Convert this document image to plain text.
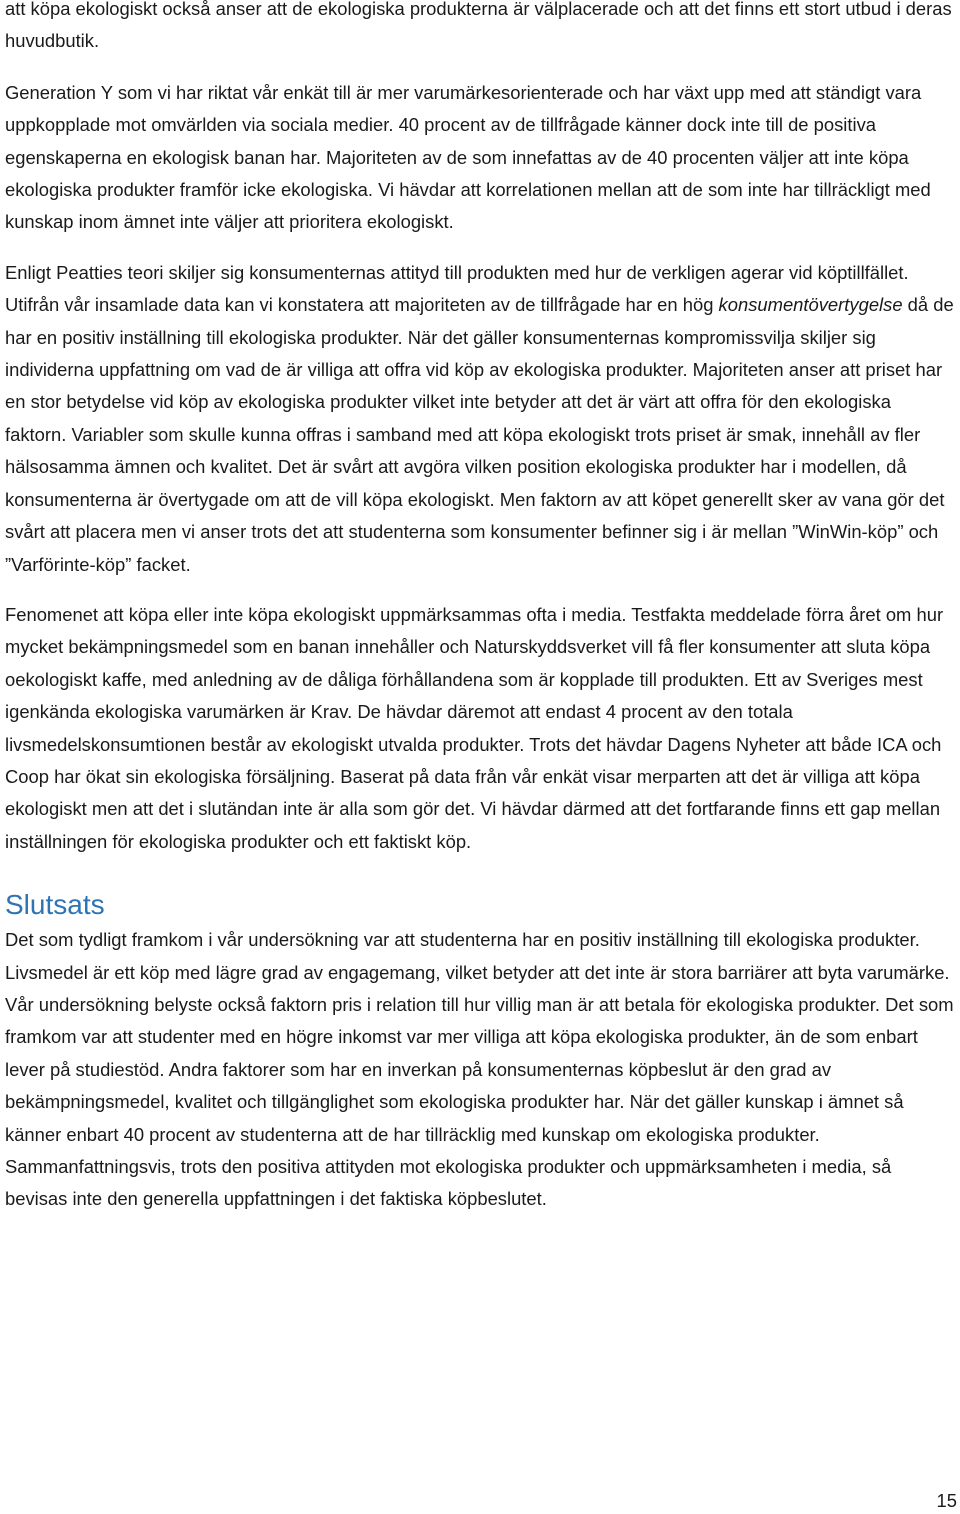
att köpa ekologiskt också anser att de ekologiska produkterna är välplacerade och att det finns ett stort utbud i deras huvudbutik.

Generation Y som vi har riktat vår enkät till är mer varumärkesorienterade och har växt upp med att ständigt vara uppkopplade mot omvärlden via sociala medier. 40 procent av de tillfrågade känner dock inte till de positiva egenskaperna en ekologisk banan har. Majoriteten av de som innefattas av de 40 procenten väljer att inte köpa ekologiska produkter framför icke ekologiska. Vi hävdar att korrelationen mellan att de som inte har tillräckligt med kunskap inom ämnet inte väljer att prioritera ekologiskt.

Enligt Peatties teori skiljer sig konsumenternas attityd till produkten med hur de verkligen agerar vid köptillfället. Utifrån vår insamlade data kan vi konstatera att majoriteten av de tillfrågade har en hög konsumentövertygelse då de har en positiv inställning till ekologiska produkter. När det gäller konsumenternas kompromissvilja skiljer sig individerna uppfattning om vad de är villiga att offra vid köp av ekologiska produkter. Majoriteten anser att priset har en stor betydelse vid köp av ekologiska produkter vilket inte betyder att det är värt att offra för den ekologiska faktorn. Variabler som skulle kunna offras i samband med att köpa ekologiskt trots priset är smak, innehåll av fler hälsosamma ämnen och kvalitet. Det är svårt att avgöra vilken position ekologiska produkter har i modellen, då konsumenterna är övertygade om att de vill köpa ekologiskt. Men faktorn av att köpet generellt sker av vana gör det svårt att placera men vi anser trots det att studenterna som konsumenter befinner sig i är mellan ”WinWin-köp” och ”Varförinte-köp” facket.

Fenomenet att köpa eller inte köpa ekologiskt uppmärksammas ofta i media. Testfakta meddelade förra året om hur mycket bekämpningsmedel som en banan innehåller och Naturskyddsverket vill få fler konsumenter att sluta köpa oekologiskt kaffe, med anledning av de dåliga förhållandena som är kopplade till produkten. Ett av Sveriges mest igenkända ekologiska varumärken är Krav. De hävdar däremot att endast 4 procent av den totala livsmedelskonsumtionen består av ekologiskt utvalda produkter. Trots det hävdar Dagens Nyheter att både ICA och Coop har ökat sin ekologiska försäljning. Baserat på data från vår enkät visar merparten att det är villiga att köpa ekologiskt men att det i slutändan inte är alla som gör det. Vi hävdar därmed att det fortfarande finns ett gap mellan inställningen för ekologiska produkter och ett faktiskt köp.

Slutsats

Det som tydligt framkom i vår undersökning var att studenterna har en positiv inställning till ekologiska produkter. Livsmedel är ett köp med lägre grad av engagemang, vilket betyder att det inte är stora barriärer att byta varumärke. Vår undersökning belyste också faktorn pris i relation till hur villig man är att betala för ekologiska produkter. Det som framkom var att studenter med en högre inkomst var mer villiga att köpa ekologiska produkter, än de som enbart lever på studiestöd. Andra faktorer som har en inverkan på konsumenternas köpbeslut är den grad av bekämpningsmedel, kvalitet och tillgänglighet som ekologiska produkter har. När det gäller kunskap i ämnet så känner enbart 40 procent av studenterna att de har tillräcklig med kunskap om ekologiska produkter. Sammanfattningsvis, trots den positiva attityden mot ekologiska produkter och uppmärksamheten i media, så bevisas inte den generella uppfattningen i det faktiska köpbeslutet.

15
